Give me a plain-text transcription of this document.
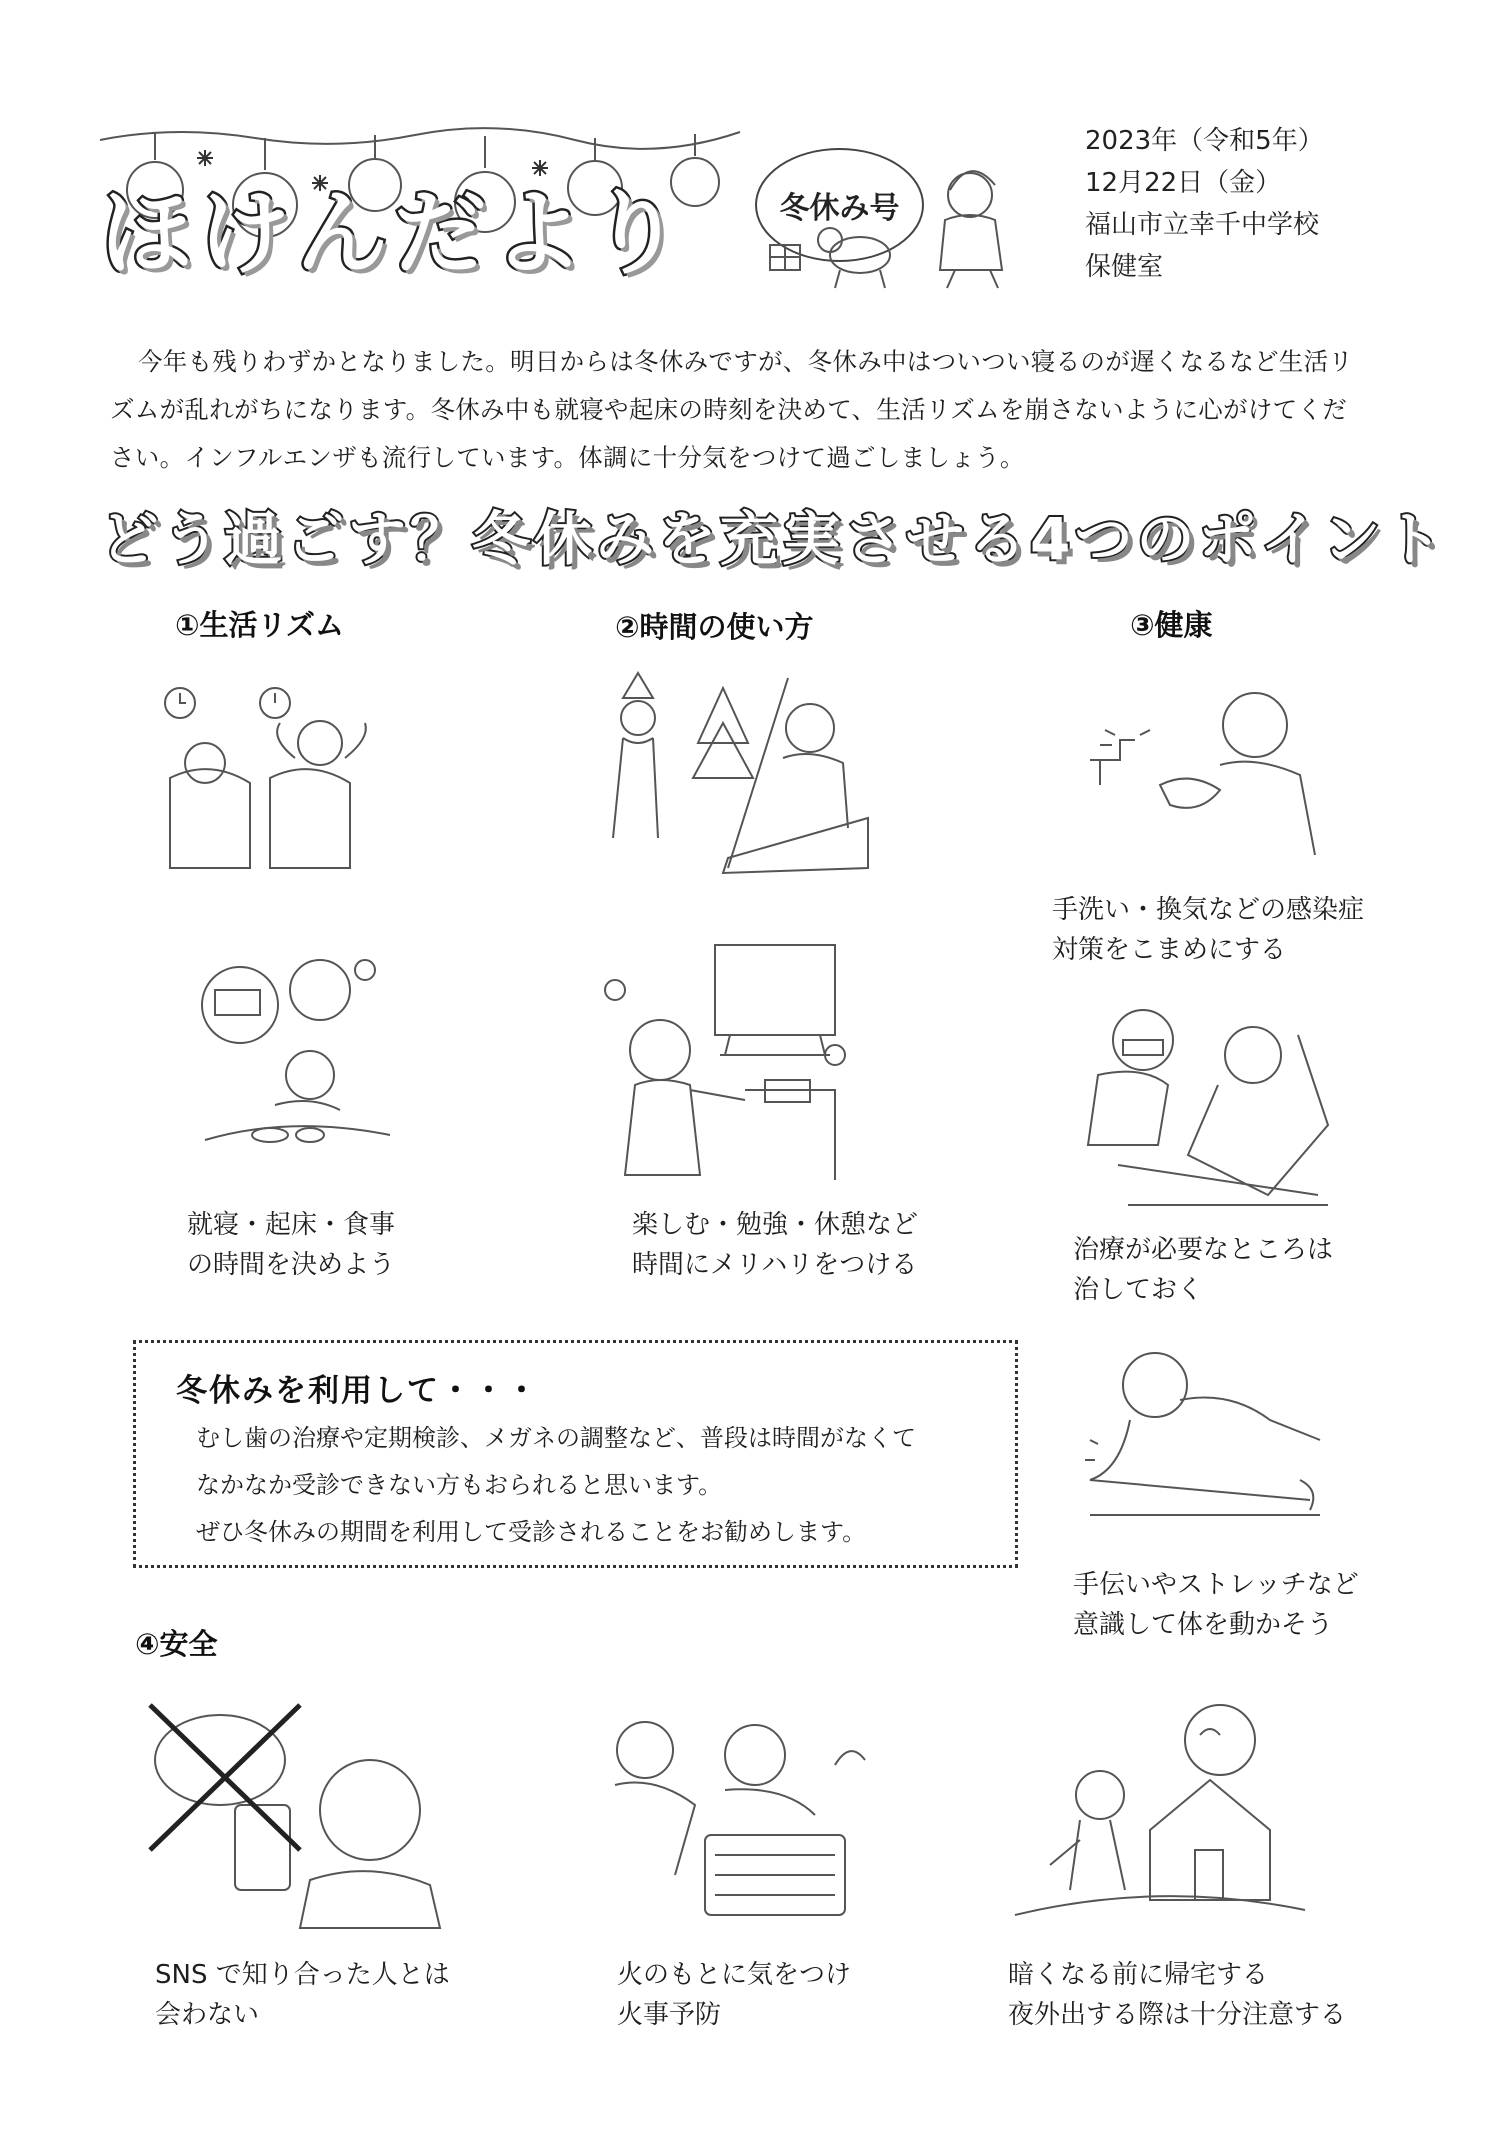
ほけんだより	冬休み号
2023年（令和5年）
12月22日（金）
福山市立幸千中学校
保健室
今年も残りわずかとなりました。明日からは冬休みですが、冬休み中はついつい寝るのが遅くなるなど生活リズムが乱れがちになります。冬休み中も就寝や起床の時刻を決めて、生活リズムを崩さないように心がけてください。インフルエンザも流行しています。体調に十分気をつけて過ごしましょう。
どう過ごす？冬休みを充実させる4つのポイント
①生活リズム	②時間の使い方	③健康
手洗い・換気などの感染症
対策をこまめにする
就寝・起床・食事
の時間を決めよう
楽しむ・勉強・休憩など
時間にメリハリをつける	治療が必要なところは
治しておく
冬休みを利用して・・・
むし歯の治療や定期検診、メガネの調整など、普段は時間がなくて
なかなか受診できない方もおられると思います。
ぜひ冬休みの期間を利用して受診されることをお勧めします。
手伝いやストレッチなど
意識して体を動かそう
④安全
SNS で知り合った人とは
会わない
火のもとに気をつけ
火事予防
暗くなる前に帰宅する
夜外出する際は十分注意する
